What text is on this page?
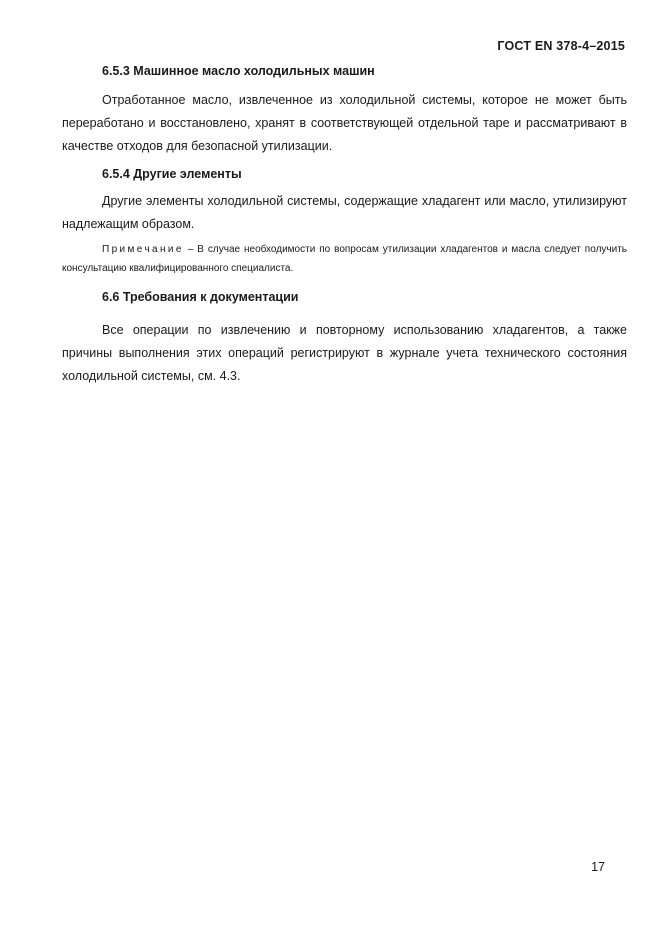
ГОСТ EN 378-4–2015
6.5.3 Машинное масло холодильных машин

Отработанное масло, извлеченное из холодильной системы, которое не может быть переработано и восстановлено, хранят в соответствующей отдельной таре и рассматривают в качестве отходов для безопасной утилизации.

6.5.4 Другие элементы

Другие элементы холодильной системы, содержащие хладагент или масло, утилизируют надлежащим образом.

Примечание – В случае необходимости по вопросам утилизации хладагентов и масла следует получить консультацию квалифицированного специалиста.

6.6 Требования к документации

Все операции по извлечению и повторному использованию хладагентов, а также причины выполнения этих операций регистрируют в журнале учета технического состояния холодильной системы, см. 4.3.

17
